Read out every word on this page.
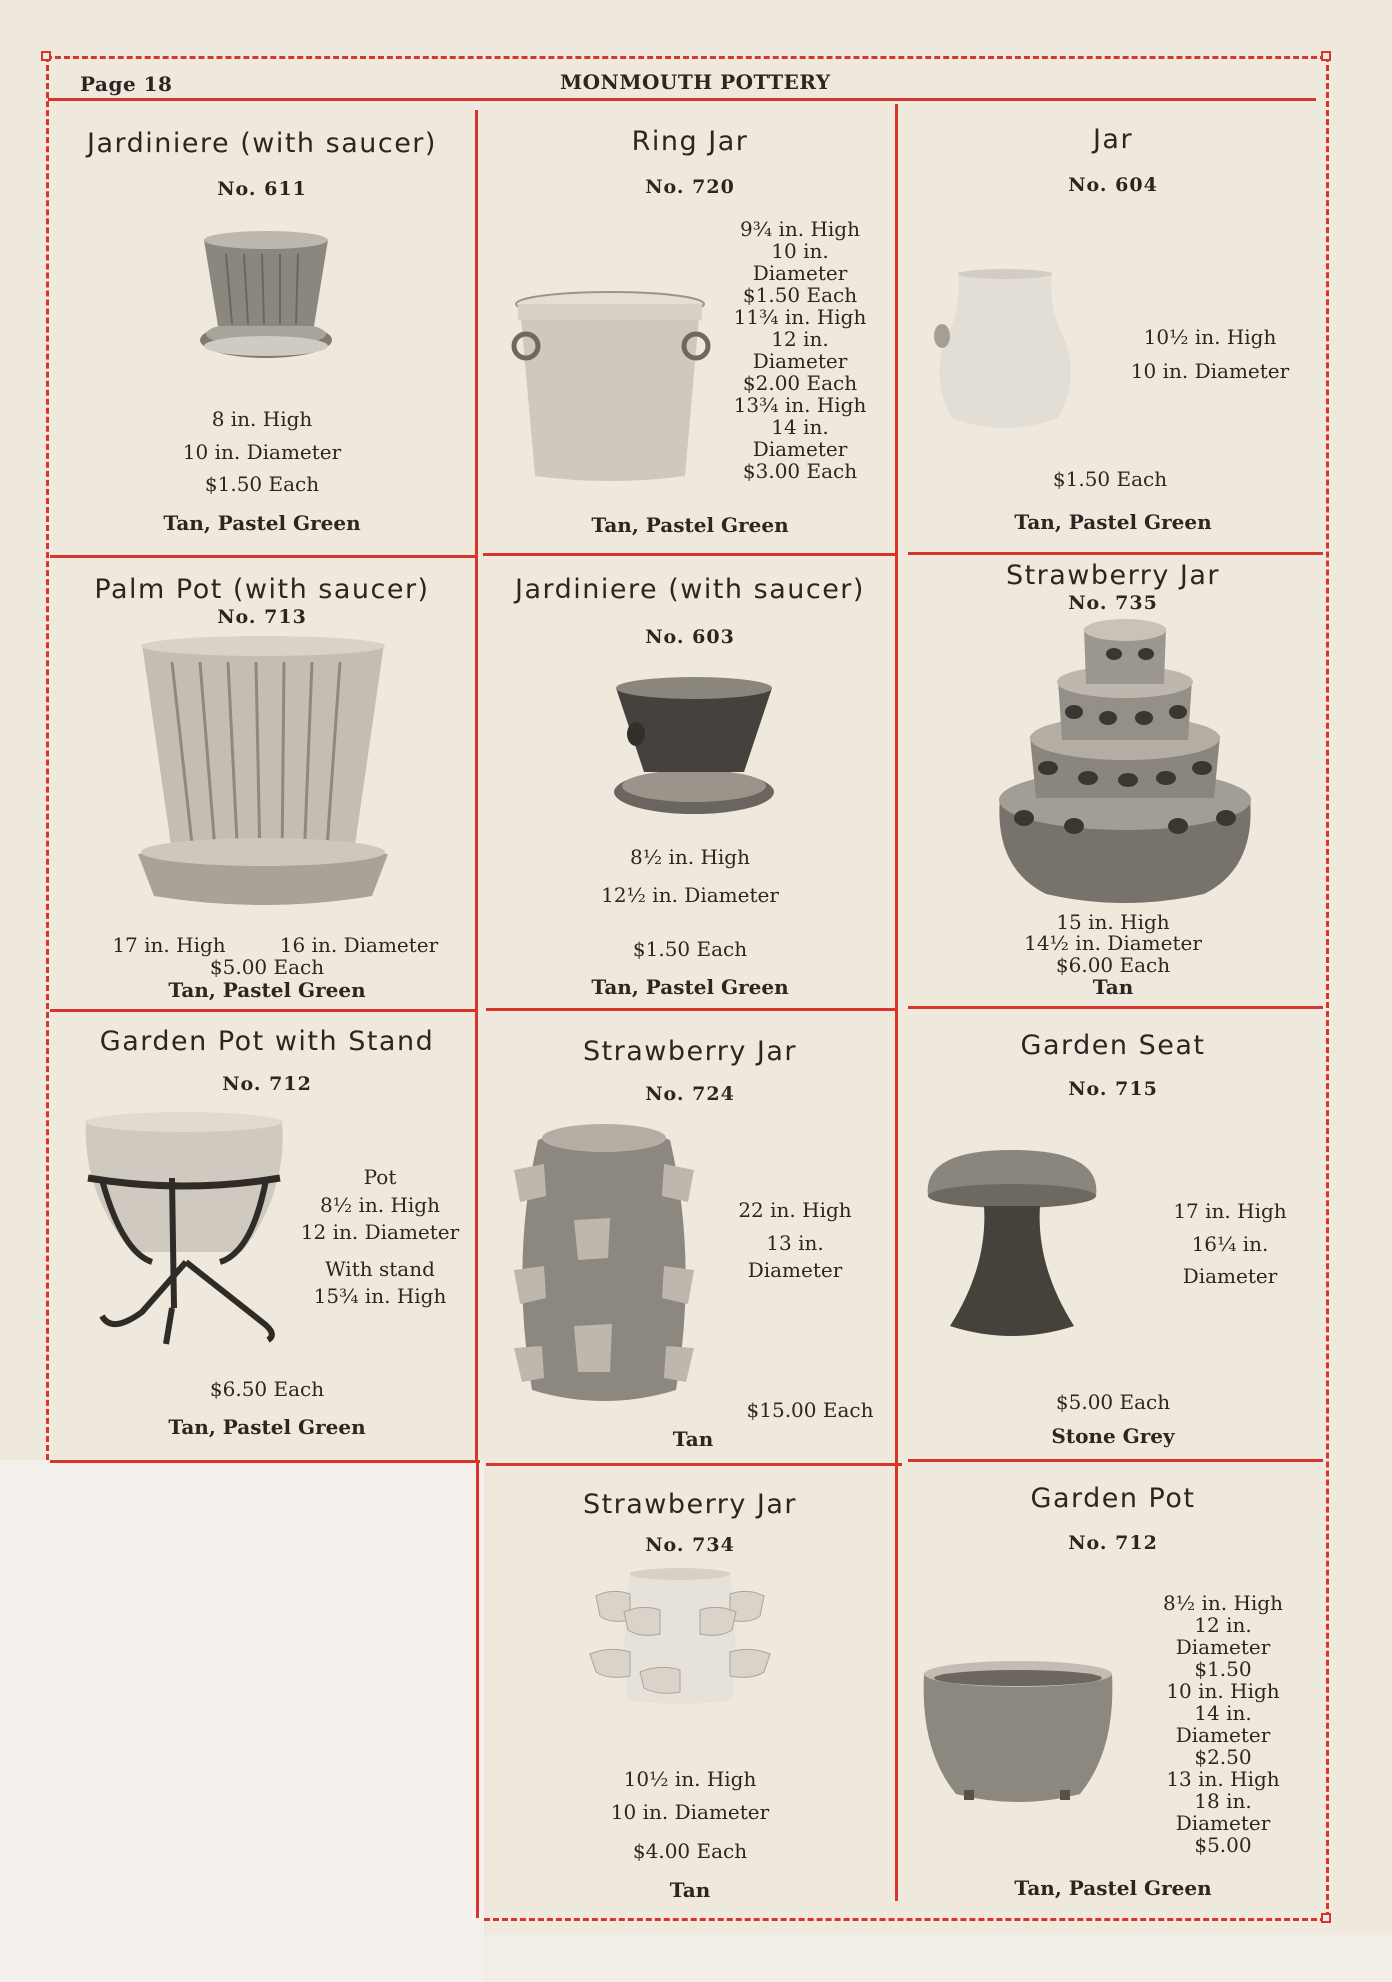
Page 18	MONMOUTH POTTERY
Jardiniere (with saucer)
No. 611
8 in. High
10 in. Diameter
$1.50 Each
Tan, Pastel Green
Ring Jar
No. 720
9¾ in. High
10 in.
Diameter
$1.50 Each
11¾ in. High
12 in.
Diameter
$2.00 Each
13¾ in. High
14 in.
Diameter
$3.00 Each
Tan, Pastel Green
Jar
No. 604
10½ in. High
10 in. Diameter
$1.50 Each
Tan, Pastel Green
Palm Pot (with saucer)
No. 713
17 in. High	16 in. Diameter
$5.00 Each
Tan, Pastel Green
Jardiniere (with saucer)
No. 603
8½ in. High
12½ in. Diameter
$1.50 Each
Tan, Pastel Green
Strawberry Jar
No. 735
15 in. High
14½ in. Diameter
$6.00 Each
Tan
Garden Pot with Stand
No. 712
Pot
8½ in. High
12 in. Diameter
With stand
15¾ in. High
$6.50 Each
Tan, Pastel Green
Strawberry Jar
No. 724
22 in. High
13 in.
Diameter
$15.00 Each
Tan
Garden Seat
No. 715
17 in. High
16¼ in.
Diameter
$5.00 Each
Stone Grey
Strawberry Jar
No. 734
10½ in. High
10 in. Diameter
$4.00 Each
Tan
Garden Pot
No. 712
8½ in. High
12 in.
Diameter
$1.50
10 in. High
14 in.
Diameter
$2.50
13 in. High
18 in.
Diameter
$5.00
Tan, Pastel Green
